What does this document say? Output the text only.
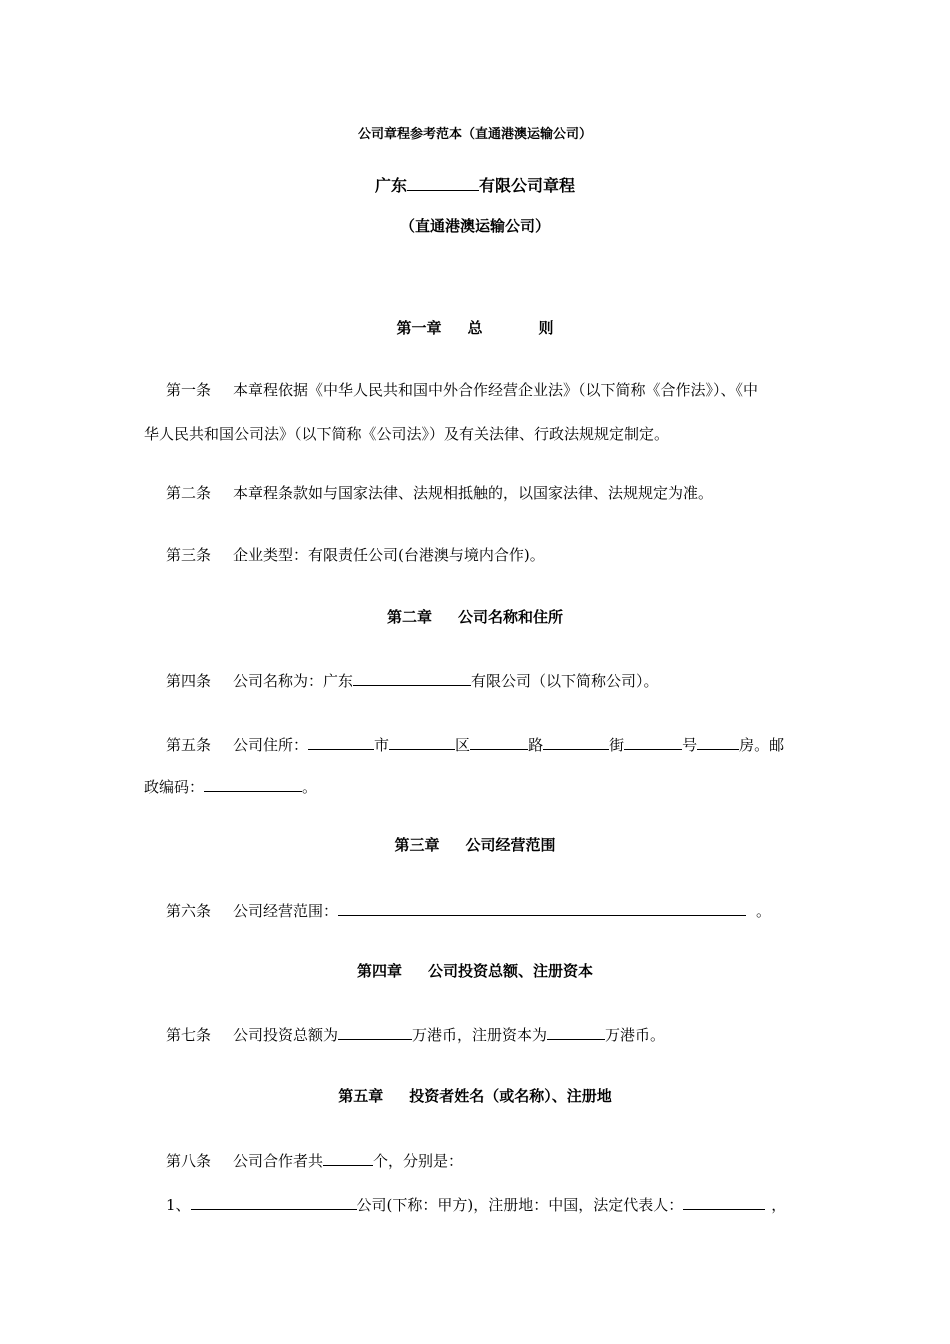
公司章程参考范本（直通港澳运输公司）
广东	有限公司章程
（直通港澳运输公司）
第一章 总	则
第一条 本章程依据《中华人民共和国中外合作经营企业法》（以下简称《合作法》）、《中
华人民共和国公司法》（以下简称《公司法》）及有关法律、行政法规规定制定。
第二条 本章程条款如与国家法律、法规相抵触的，以国家法律、法规规定为准。
第三条 企业类型：有限责任公司(台港澳与境内合作)。
第二章 公司名称和住所
第四条 公司名称为：广东	有限公司（以下简称公司）。
第五条 公司住所：	市	区	路	街	号	房。邮
政编码：	。
第三章 公司经营范围
第六条 公司经营范围：	。
第四章 公司投资总额、注册资本
第七条 公司投资总额为	万港币，注册资本为	万港币。
第五章 投资者姓名（或名称）、注册地
第八条 公司合作者共	个，分别是：
1、	公司(下称：甲方)，注册地：中国，法定代表人：	，
